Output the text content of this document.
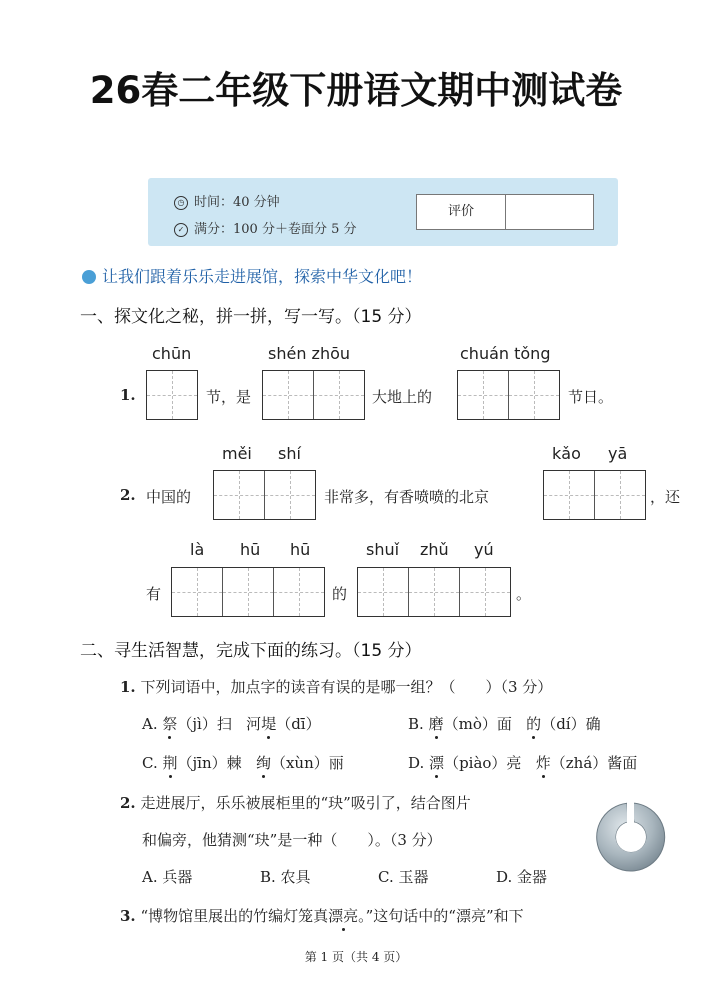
26春二年级下册语文期中测试卷
◷ 时间：40 分钟
✓ 满分：100 分＋卷面分 5 分
评价
让我们跟着乐乐走进展馆，探索中华文化吧！
一、探文化之秘，拼一拼，写一写。（15 分）
chūn	shén zhōu	chuán tǒng
1.	节，是	大地上的	节日。
měi shí	kǎo yā
2. 中国的	非常多，有香喷喷的北京	，还
là hū hū	shuǐ zhǔ yú
有	的	。
二、寻生活智慧，完成下面的练习。（15 分）
1. 下列词语中，加点字的读音有误的是哪一组？（　　）（3 分）
A. 祭（jì）扫 河堤（dī）	B. 磨（mò）面 的（dí）确
C. 荆（jīn）棘 绚（xùn）丽	D. 漂（piào）亮 炸（zhá）酱面
2. 走进展厅，乐乐被展柜里的“玦”吸引了，结合图片
和偏旁，他猜测“玦”是一种（　　）。（3 分）
A. 兵器	B. 农具	C. 玉器	D. 金器
3. “博物馆里展出的竹编灯笼真漂亮。”这句话中的“漂亮”和下
第 1 页（共 4 页）
